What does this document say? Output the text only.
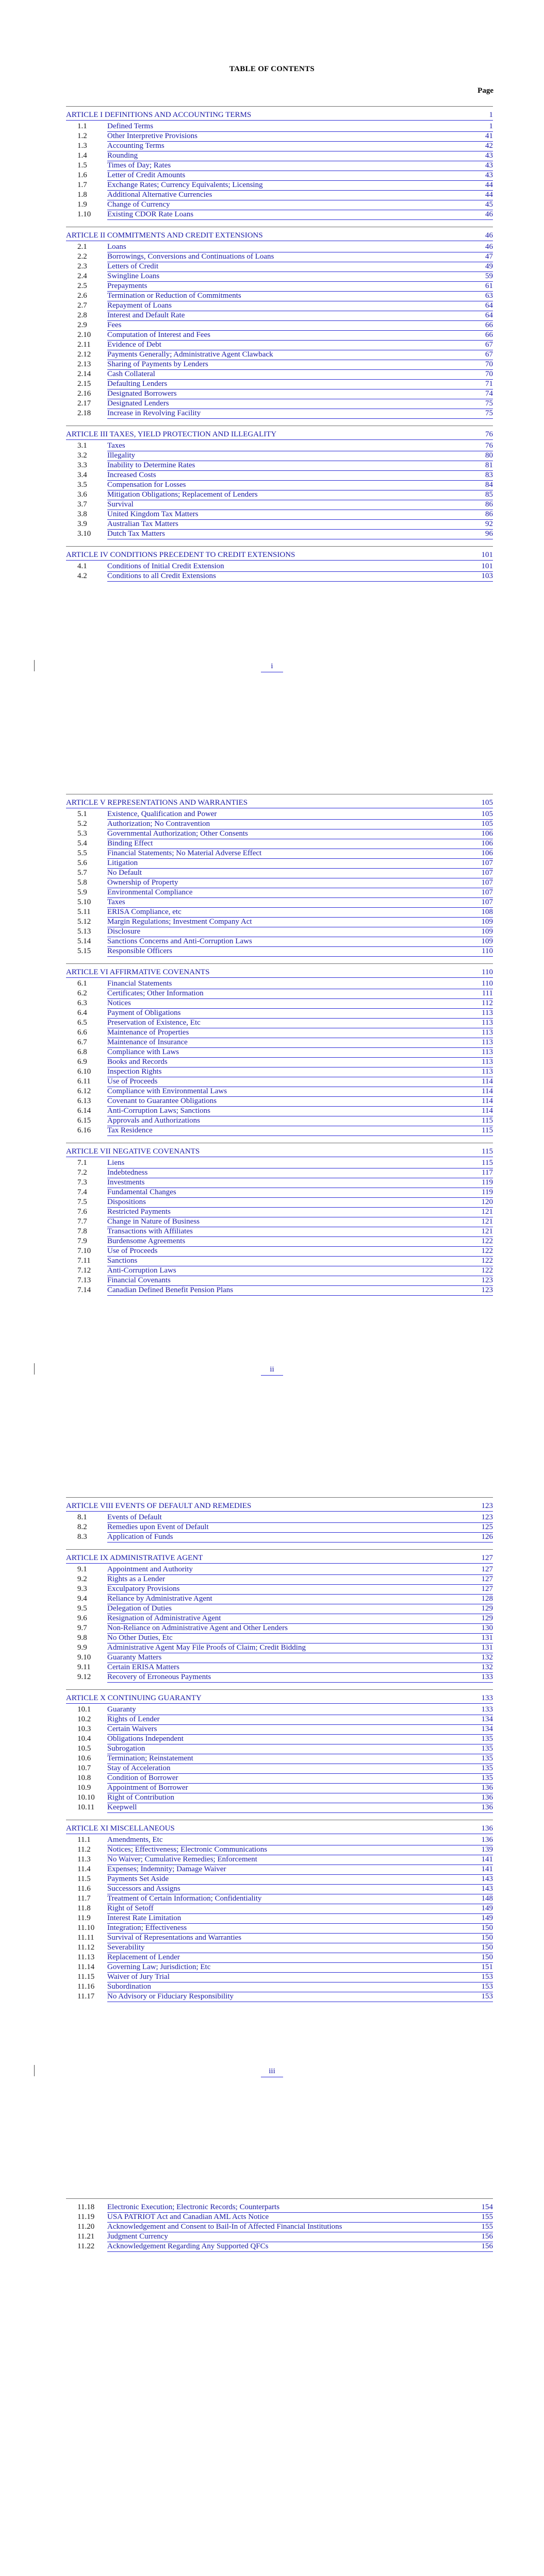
TABLE OF CONTENTS
Page
ARTICLE I DEFINITIONS AND ACCOUNTING TERMS	1
1.1	Defined Terms	1
1.2	Other Interpretive Provisions	41
1.3	Accounting Terms	42
1.4	Rounding	43
1.5	Times of Day; Rates	43
1.6	Letter of Credit Amounts	43
1.7	Exchange Rates; Currency Equivalents; Licensing	44
1.8	Additional Alternative Currencies	44
1.9	Change of Currency	45
1.10	Existing CDOR Rate Loans	46
ARTICLE II COMMITMENTS AND CREDIT EXTENSIONS	46
2.1	Loans	46
2.2	Borrowings, Conversions and Continuations of Loans	47
2.3	Letters of Credit	49
2.4	Swingline Loans	59
2.5	Prepayments	61
2.6	Termination or Reduction of Commitments	63
2.7	Repayment of Loans	64
2.8	Interest and Default Rate	64
2.9	Fees	66
2.10	Computation of Interest and Fees	66
2.11	Evidence of Debt	67
2.12	Payments Generally; Administrative Agent Clawback	67
2.13	Sharing of Payments by Lenders	70
2.14	Cash Collateral	70
2.15	Defaulting Lenders	71
2.16	Designated Borrowers	74
2.17	Designated Lenders	75
2.18	Increase in Revolving Facility	75
ARTICLE III TAXES, YIELD PROTECTION AND ILLEGALITY	76
3.1	Taxes	76
3.2	Illegality	80
3.3	Inability to Determine Rates	81
3.4	Increased Costs	83
3.5	Compensation for Losses	84
3.6	Mitigation Obligations; Replacement of Lenders	85
3.7	Survival	86
3.8	United Kingdom Tax Matters	86
3.9	Australian Tax Matters	92
3.10	Dutch Tax Matters	96
ARTICLE IV CONDITIONS PRECEDENT TO CREDIT EXTENSIONS	101
4.1	Conditions of Initial Credit Extension	101
4.2	Conditions to all Credit Extensions	103
i
ARTICLE V REPRESENTATIONS AND WARRANTIES	105
5.1	Existence, Qualification and Power	105
5.2	Authorization; No Contravention	105
5.3	Governmental Authorization; Other Consents	106
5.4	Binding Effect	106
5.5	Financial Statements; No Material Adverse Effect	106
5.6	Litigation	107
5.7	No Default	107
5.8	Ownership of Property	107
5.9	Environmental Compliance	107
5.10	Taxes	107
5.11	ERISA Compliance, etc	108
5.12	Margin Regulations; Investment Company Act	109
5.13	Disclosure	109
5.14	Sanctions Concerns and Anti-Corruption Laws	109
5.15	Responsible Officers	110
ARTICLE VI AFFIRMATIVE COVENANTS	110
6.1	Financial Statements	110
6.2	Certificates; Other Information	111
6.3	Notices	112
6.4	Payment of Obligations	113
6.5	Preservation of Existence, Etc	113
6.6	Maintenance of Properties	113
6.7	Maintenance of Insurance	113
6.8	Compliance with Laws	113
6.9	Books and Records	113
6.10	Inspection Rights	113
6.11	Use of Proceeds	114
6.12	Compliance with Environmental Laws	114
6.13	Covenant to Guarantee Obligations	114
6.14	Anti-Corruption Laws; Sanctions	114
6.15	Approvals and Authorizations	115
6.16	Tax Residence	115
ARTICLE VII NEGATIVE COVENANTS	115
7.1	Liens	115
7.2	Indebtedness	117
7.3	Investments	119
7.4	Fundamental Changes	119
7.5	Dispositions	120
7.6	Restricted Payments	121
7.7	Change in Nature of Business	121
7.8	Transactions with Affiliates	121
7.9	Burdensome Agreements	122
7.10	Use of Proceeds	122
7.11	Sanctions	122
7.12	Anti-Corruption Laws	122
7.13	Financial Covenants	123
7.14	Canadian Defined Benefit Pension Plans	123
ii
ARTICLE VIII EVENTS OF DEFAULT AND REMEDIES	123
8.1	Events of Default	123
8.2	Remedies upon Event of Default	125
8.3	Application of Funds	126
ARTICLE IX ADMINISTRATIVE AGENT	127
9.1	Appointment and Authority	127
9.2	Rights as a Lender	127
9.3	Exculpatory Provisions	127
9.4	Reliance by Administrative Agent	128
9.5	Delegation of Duties	129
9.6	Resignation of Administrative Agent	129
9.7	Non-Reliance on Administrative Agent and Other Lenders	130
9.8	No Other Duties, Etc	131
9.9	Administrative Agent May File Proofs of Claim; Credit Bidding	131
9.10	Guaranty Matters	132
9.11	Certain ERISA Matters	132
9.12	Recovery of Erroneous Payments	133
ARTICLE X CONTINUING GUARANTY	133
10.1	Guaranty	133
10.2	Rights of Lender	134
10.3	Certain Waivers	134
10.4	Obligations Independent	135
10.5	Subrogation	135
10.6	Termination; Reinstatement	135
10.7	Stay of Acceleration	135
10.8	Condition of Borrower	135
10.9	Appointment of Borrower	136
10.10	Right of Contribution	136
10.11	Keepwell	136
ARTICLE XI MISCELLANEOUS	136
11.1	Amendments, Etc	136
11.2	Notices; Effectiveness; Electronic Communications	139
11.3	No Waiver; Cumulative Remedies; Enforcement	141
11.4	Expenses; Indemnity; Damage Waiver	141
11.5	Payments Set Aside	143
11.6	Successors and Assigns	143
11.7	Treatment of Certain Information; Confidentiality	148
11.8	Right of Setoff	149
11.9	Interest Rate Limitation	149
11.10	Integration; Effectiveness	150
11.11	Survival of Representations and Warranties	150
11.12	Severability	150
11.13	Replacement of Lender	150
11.14	Governing Law; Jurisdiction; Etc	151
11.15	Waiver of Jury Trial	153
11.16	Subordination	153
11.17	No Advisory or Fiduciary Responsibility	153
iii
11.18	Electronic Execution; Electronic Records; Counterparts	154
11.19	USA PATRIOT Act and Canadian AML Acts Notice	155
11.20	Acknowledgement and Consent to Bail-In of Affected Financial Institutions	155
11.21	Judgment Currency	156
11.22	Acknowledgement Regarding Any Supported QFCs	156
